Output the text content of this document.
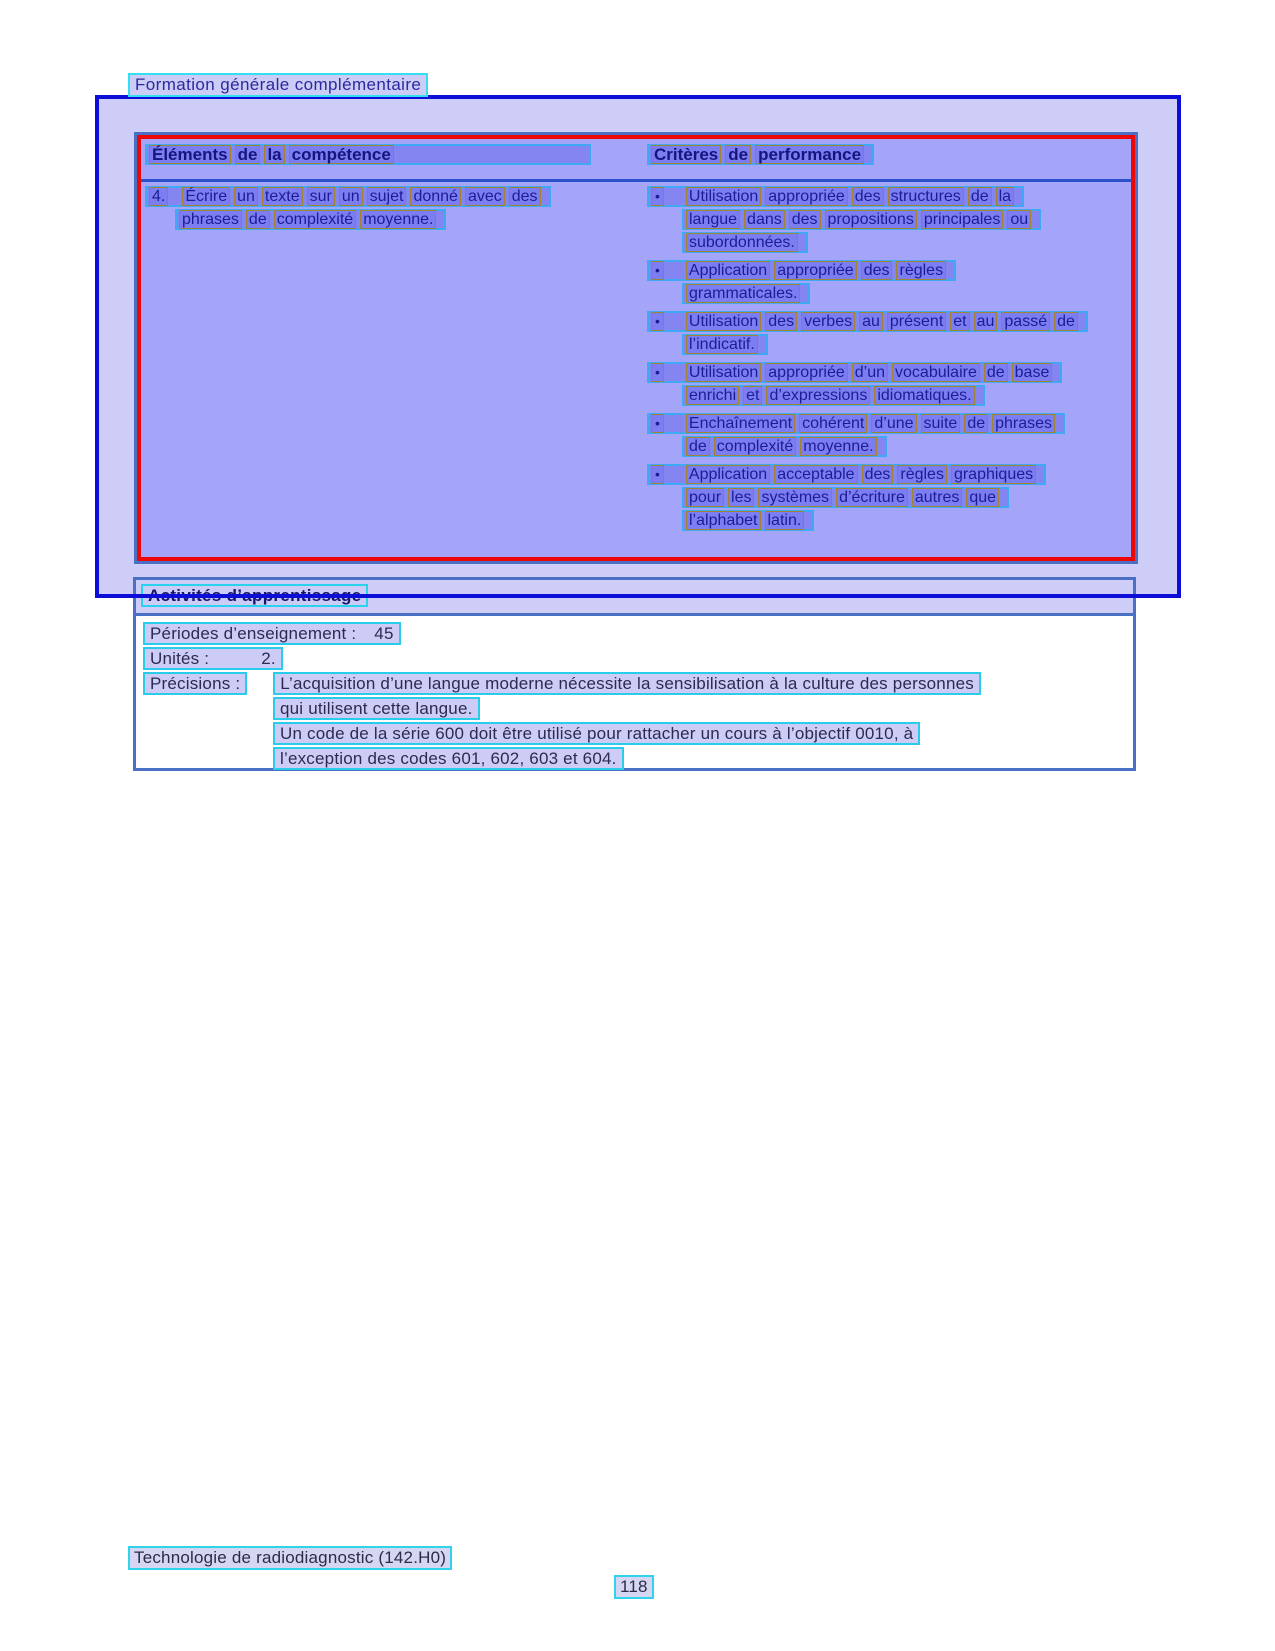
Formation générale complémentaire
Éléments de la compétence	Critères de performance
4. Écrire un texte sur un sujet donné avec des
phrases de complexité moyenne.
• Utilisation appropriée des structures de la
langue dans des propositions principales ou
subordonnées.
• Application appropriée des règles
grammaticales.
• Utilisation des verbes au présent et au passé de
l’indicatif.
• Utilisation appropriée d’un vocabulaire de base
enrichi et d’expressions idiomatiques.
• Enchaînement cohérent d’une suite de phrases
de complexité moyenne.
• Application acceptable des règles graphiques
pour les systèmes d’écriture autres que
l’alphabet latin.
Périodes d’enseignement : 45
Unités :	2.
Précisions : L’acquisition d’une langue moderne nécessite la sensibilisation à la culture des personnes
qui utilisent cette langue.
Un code de la série 600 doit être utilisé pour rattacher un cours à l’objectif 0010, à
l’exception des codes 601, 602, 603 et 604.
Technologie de radiodiagnostic (142.H0)
118
